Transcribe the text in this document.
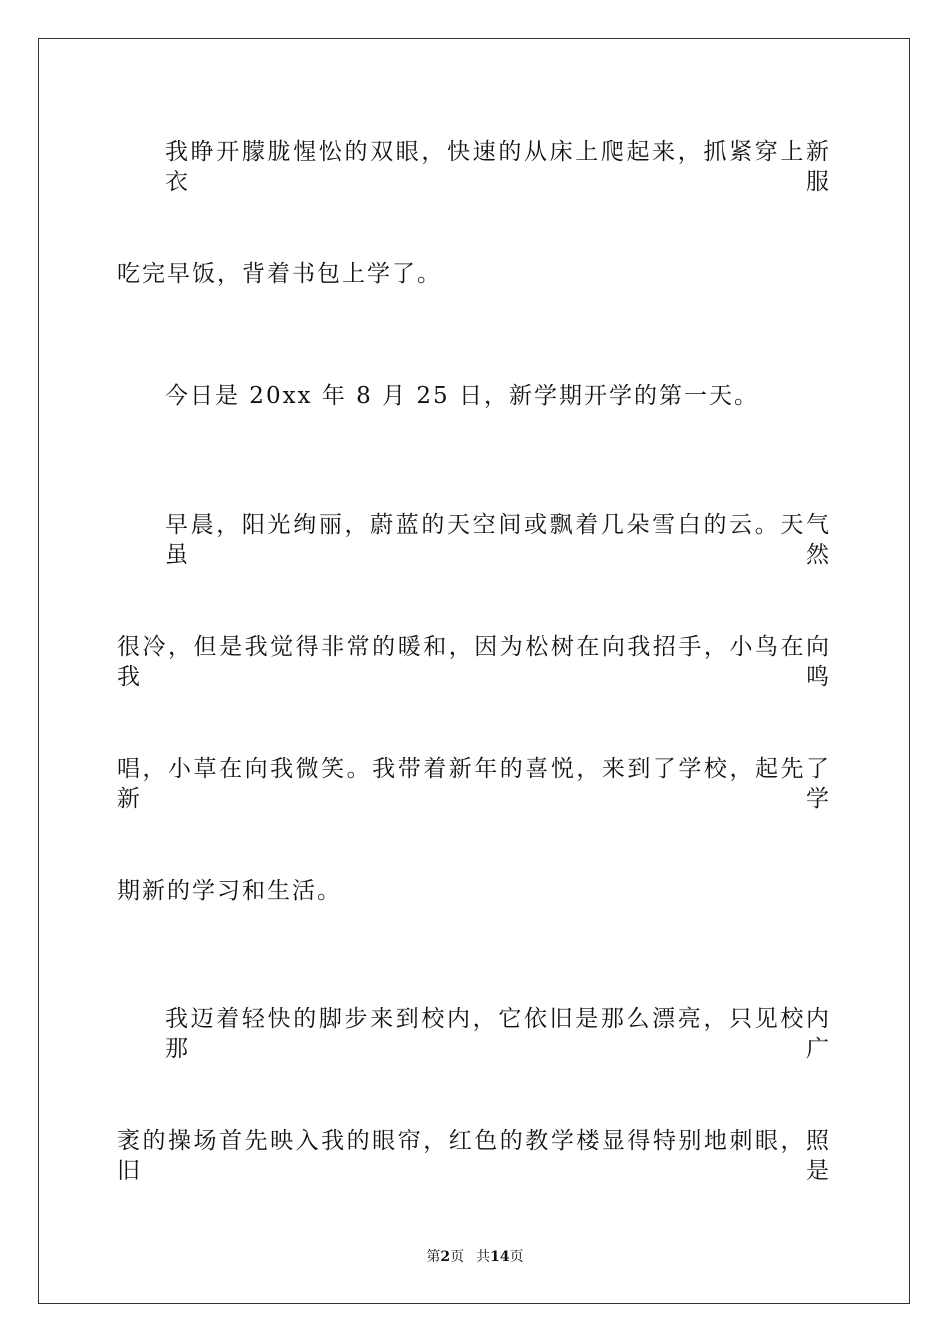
我睁开朦胧惺忪的双眼，快速的从床上爬起来，抓紧穿上新衣服
吃完早饭，背着书包上学了。
今日是 20xx 年 8 月 25 日，新学期开学的第一天。
早晨，阳光绚丽，蔚蓝的天空间或飘着几朵雪白的云。天气虽然
很冷，但是我觉得非常的暖和，因为松树在向我招手，小鸟在向我鸣
唱，小草在向我微笑。我带着新年的喜悦，来到了学校，起先了新学
期新的学习和生活。
我迈着轻快的脚步来到校内，它依旧是那么漂亮，只见校内那广
袤的操场首先映入我的眼帘，红色的教学楼显得特别地刺眼，照旧是
第2页 共14页
